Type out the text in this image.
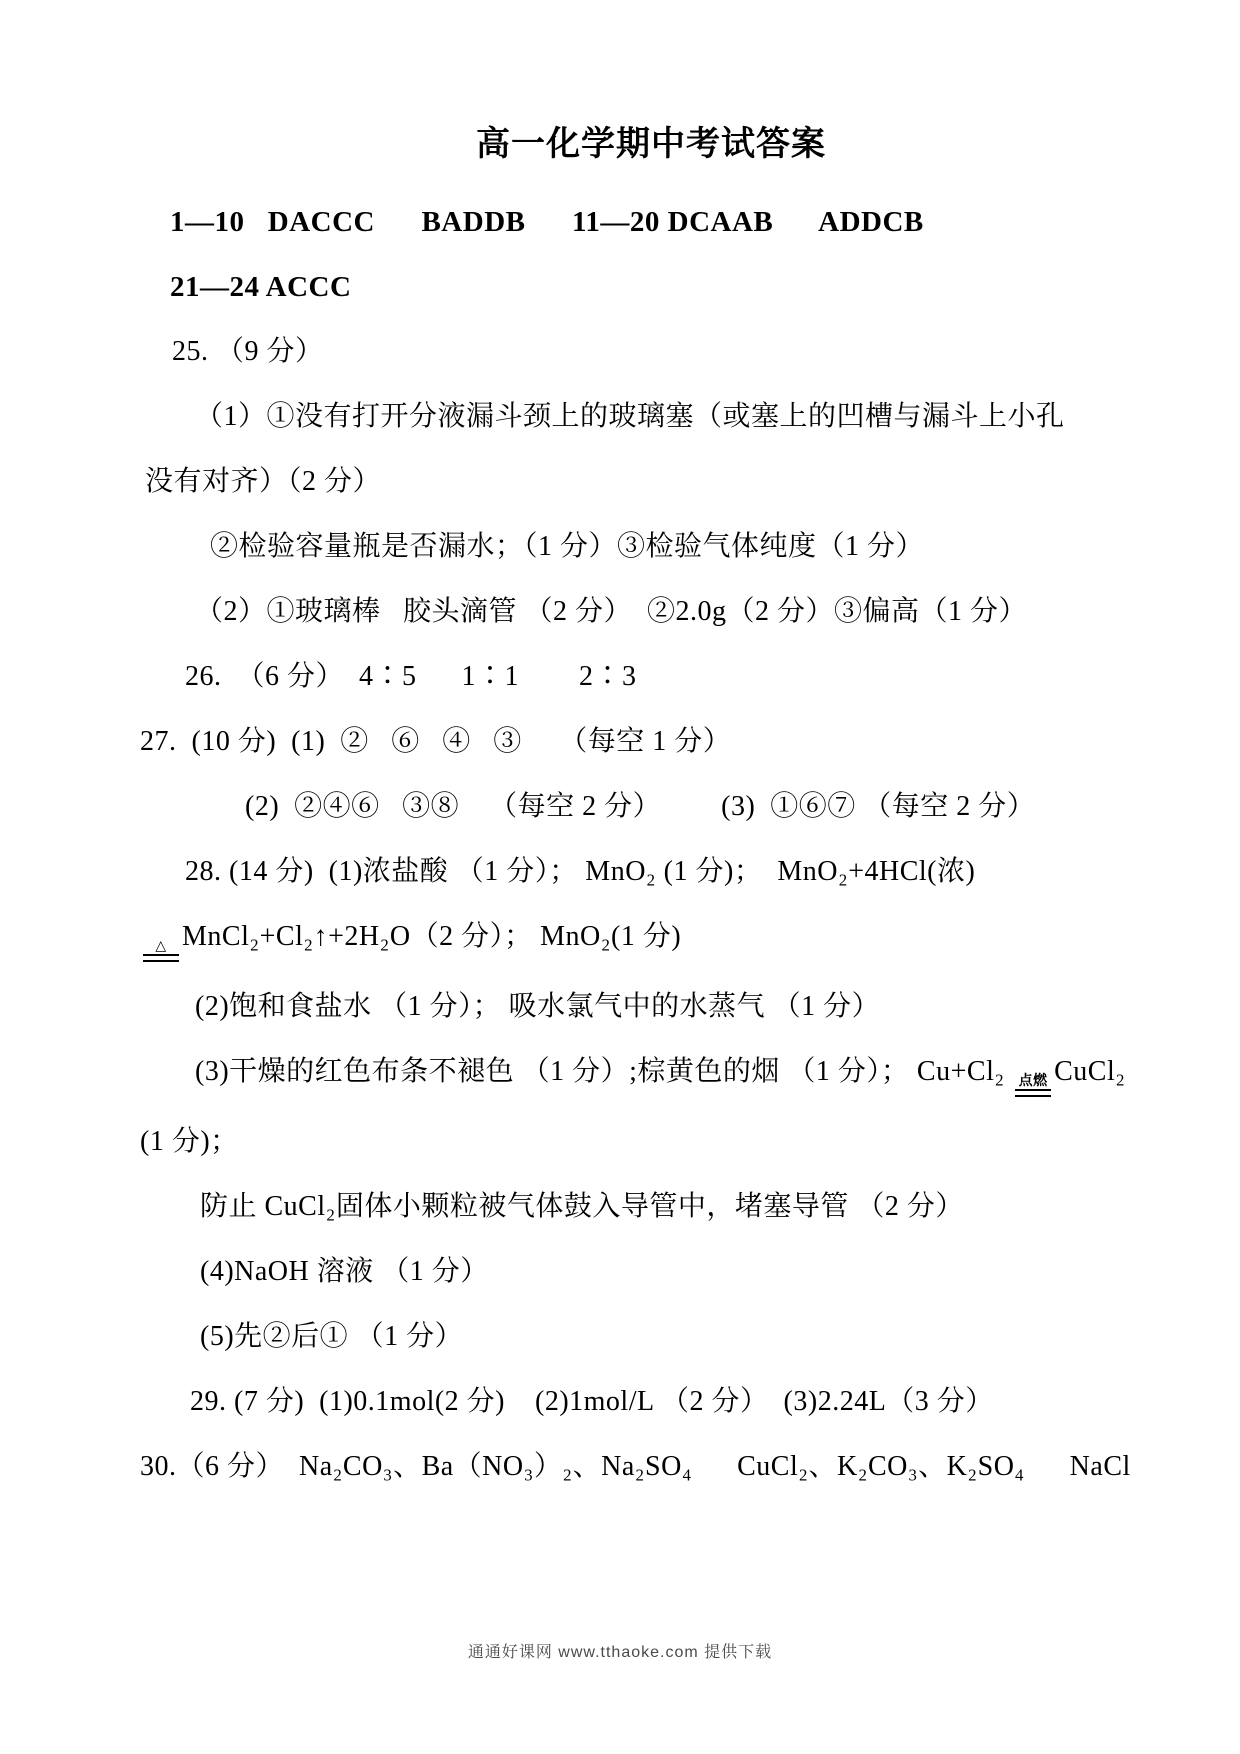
高一化学期中考试答案
1—10   DACCC      BADDB      11—20 DCAAB      ADDCB
21—24 ACCC
25. （9 分）
（1）①没有打开分液漏斗颈上的玻璃塞（或塞上的凹槽与漏斗上小孔
没有对齐）（2 分）
②检验容量瓶是否漏水；（1 分）③检验气体纯度（1 分）
（2）①玻璃棒   胶头滴管 （2 分）  ②2.0g（2 分）③偏高（1 分）
26.  （6 分）  4∶5      1∶1        2∶3
27.  (10 分)  (1)  ②   ⑥   ④   ③     （每空 1 分）
(2)  ②④⑥   ③⑧    （每空 2 分）        (3)  ①⑥⑦ （每空 2 分）
28. (14 分)  (1)浓盐酸 （1 分）； MnO₂ (1 分)；  MnO₂+4HCl(浓)
△ MnCl₂+Cl₂↑+2H₂O（2 分）； MnO₂(1 分)
(2)饱和食盐水 （1 分）； 吸水氯气中的水蒸气 （1 分）
(3)干燥的红色布条不褪色 （1 分）;棕黄色的烟 （1 分）； Cu+Cl₂ 点燃 CuCl₂
(1 分)；
防止 CuCl₂固体小颗粒被气体鼓入导管中，堵塞导管 （2 分）
(4)NaOH 溶液 （1 分）
(5)先②后① （1 分）
29. (7 分)  (1)0.1mol(2 分)    (2)1mol/L （2 分）  (3)2.24L（3 分）
30.（6 分）  Na₂CO₃、Ba（NO₃）₂、Na₂SO₄      CuCl₂、K₂CO₃、K₂SO₄      NaCl
通通好课网 www.tthaoke.com 提供下载
